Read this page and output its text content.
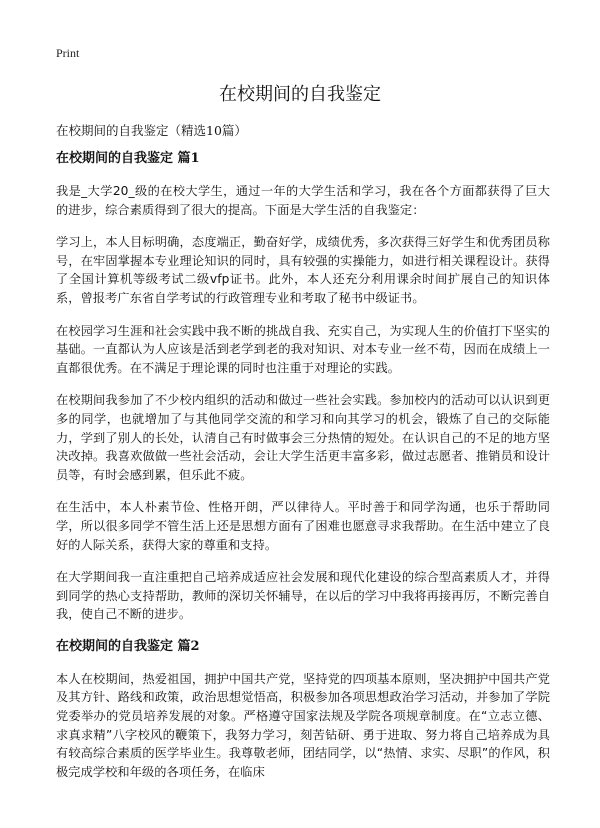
Print
在校期间的自我鉴定
在校期间的自我鉴定（精选10篇）
在校期间的自我鉴定 篇1

我是_大学20_级的在校大学生，通过一年的大学生活和学习，我在各个方面都获得了巨大的进步，综合素质得到了很大的提高。下面是大学生活的自我鉴定：

学习上，本人目标明确，态度端正，勤奋好学，成绩优秀，多次获得三好学生和优秀团员称号，在牢固掌握本专业理论知识的同时，具有较强的实操能力，如进行相关课程设计。获得了全国计算机等级考试二级vfp证书。此外，本人还充分利用课余时间扩展自己的知识体系，曾报考广东省自学考试的行政管理专业和考取了秘书中级证书。

在校园学习生涯和社会实践中我不断的挑战自我、充实自己，为实现人生的价值打下坚实的基础。一直都认为人应该是活到老学到老的我对知识、对本专业一丝不苟，因而在成绩上一直都很优秀。在不满足于理论课的同时也注重于对理论的实践。

在校期间我参加了不少校内组织的活动和做过一些社会实践。参加校内的活动可以认识到更多的同学，也就增加了与其他同学交流的和学习和向其学习的机会，锻炼了自己的交际能力，学到了别人的长处，认清自己有时做事会三分热情的短处。在认识自己的不足的地方坚决改掉。我喜欢做做一些社会活动，会让大学生活更丰富多彩，做过志愿者、推销员和设计员等，有时会感到累，但乐此不疲。

在生活中，本人朴素节俭、性格开朗，严以律待人。平时善于和同学沟通，也乐于帮助同学，所以很多同学不管生活上还是思想方面有了困难也愿意寻求我帮助。在生活中建立了良好的人际关系，获得大家的尊重和支持。

在大学期间我一直注重把自己培养成适应社会发展和现代化建设的综合型高素质人才，并得到同学的热心支持帮助，教师的深切关怀辅导，在以后的学习中我将再接再厉，不断完善自我，使自己不断的进步。

在校期间的自我鉴定 篇2

本人在校期间，热爱祖国，拥护中国共产党，坚持党的四项基本原则，坚决拥护中国共产党及其方针、路线和政策，政治思想觉悟高，积极参加各项思想政治学习活动，并参加了学院党委举办的党员培养发展的对象。严格遵守国家法规及学院各项规章制度。在“立志立德、求真求精”八字校风的鞭策下，我努力学习，刻苦钻研、勇于进取、努力将自己培养成为具有较高综合素质的医学毕业生。我尊敬老师，团结同学，以“热情、求实、尽职”的作风，积极完成学校和年级的各项任务，在临床
